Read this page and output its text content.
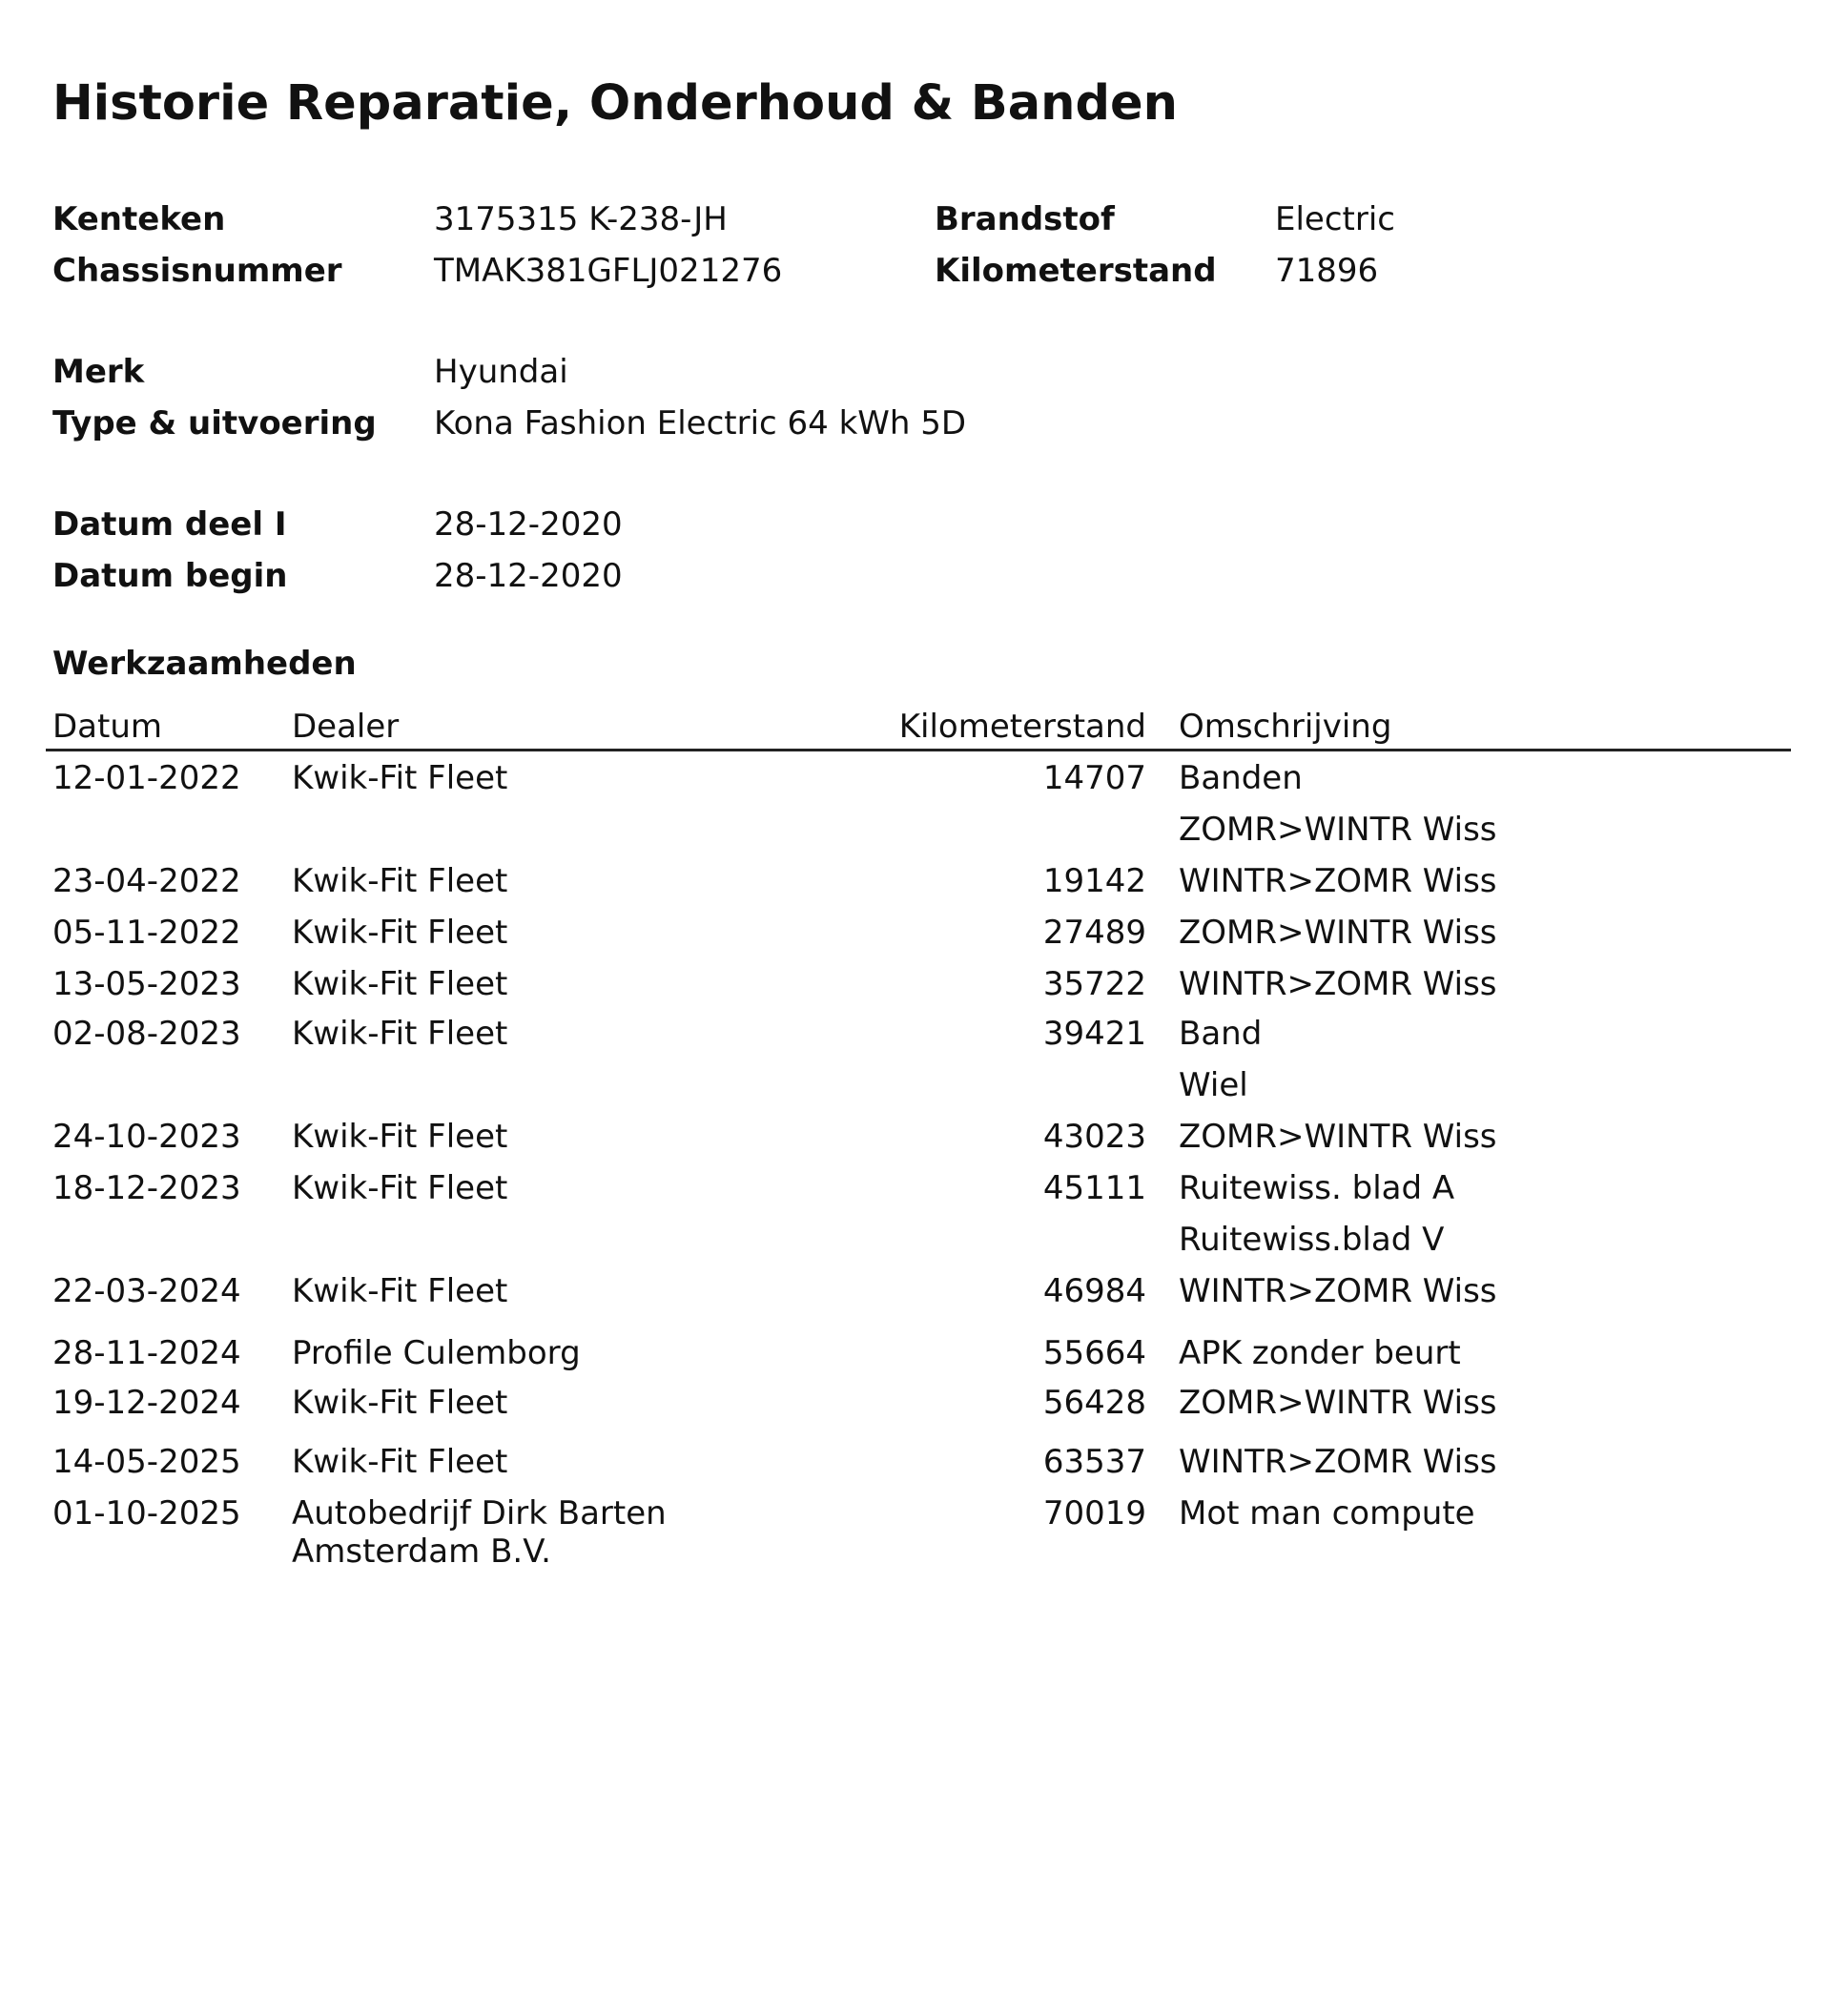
Historie Reparatie, Onderhoud & Banden
Kenteken	3175315 K-238-JH	Brandstof	Electric
Chassisnummer	TMAK381GFLJ021276	Kilometerstand 71896
Merk	Hyundai
Type & uitvoering Kona Fashion Electric 64 kWh 5D
Datum deel I	28-12-2020
Datum begin	28-12-2020
Werkzaamheden
Datum	Dealer	Kilometerstand Omschrijving
12-01-2022 Kwik-Fit Fleet	14707 Banden
ZOMR>WINTR Wiss
23-04-2022 Kwik-Fit Fleet	19142 WINTR>ZOMR Wiss
05-11-2022 Kwik-Fit Fleet	27489 ZOMR>WINTR Wiss
13-05-2023 Kwik-Fit Fleet	35722 WINTR>ZOMR Wiss
02-08-2023 Kwik-Fit Fleet	39421 Band
Wiel
24-10-2023 Kwik-Fit Fleet	43023 ZOMR>WINTR Wiss
18-12-2023 Kwik-Fit Fleet	45111 Ruitewiss. blad A
Ruitewiss.blad V
22-03-2024 Kwik-Fit Fleet	46984 WINTR>ZOMR Wiss
28-11-2024 Profile Culemborg	55664 APK zonder beurt
19-12-2024 Kwik-Fit Fleet	56428 ZOMR>WINTR Wiss
14-05-2025 Kwik-Fit Fleet	63537 WINTR>ZOMR Wiss
01-10-2025 Autobedrijf Dirk Barten
Amsterdam B.V.
70019 Mot man compute
